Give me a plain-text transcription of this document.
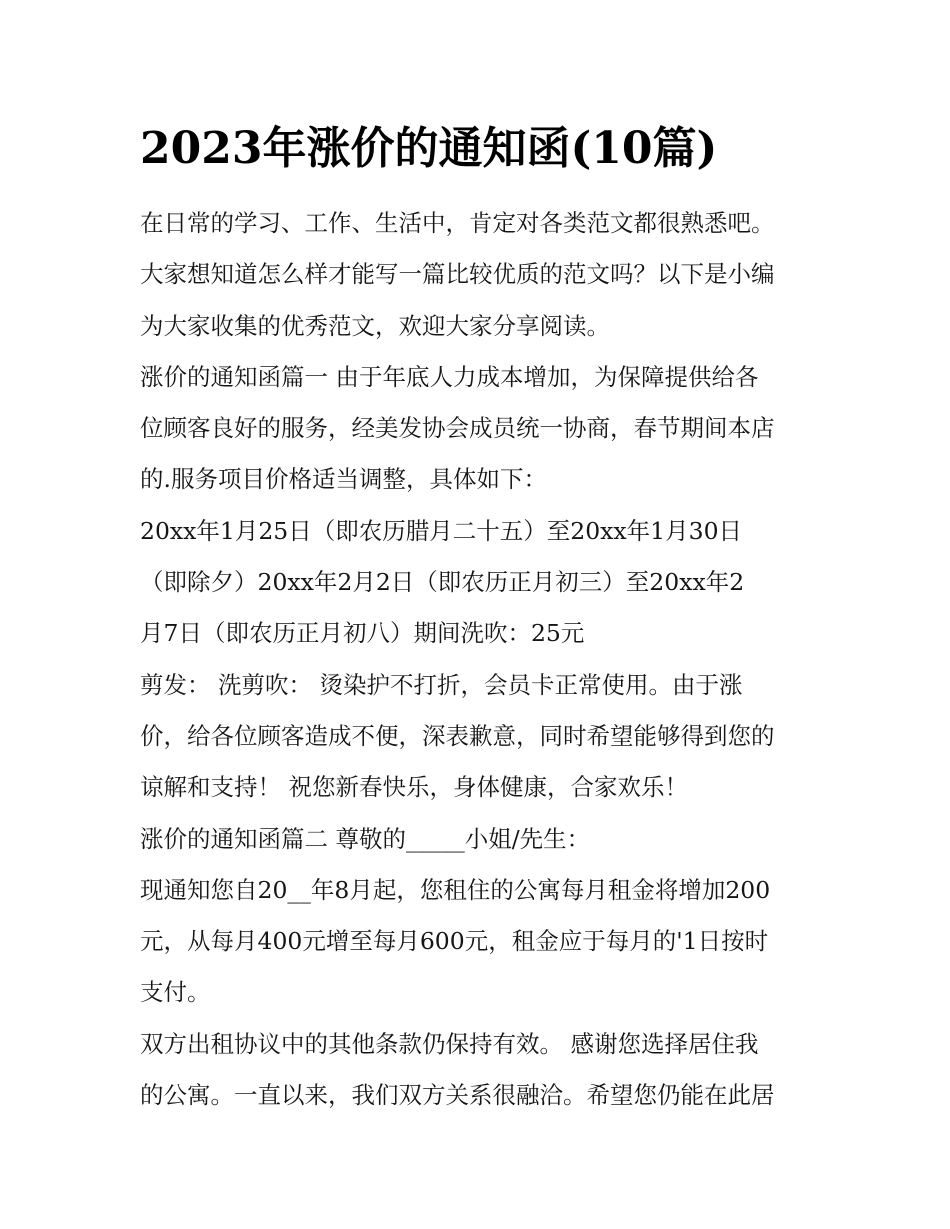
2023年涨价的通知函(10篇)
在日常的学习、工作、生活中，肯定对各类范文都很熟悉吧。
大家想知道怎么样才能写一篇比较优质的范文吗？以下是小编
为大家收集的优秀范文，欢迎大家分享阅读。
涨价的通知函篇一 由于年底人力成本增加，为保障提供给各
位顾客良好的服务，经美发协会成员统一协商，春节期间本店
的.服务项目价格适当调整，具体如下：
20xx年1月25日（即农历腊月二十五）至20xx年1月30日
（即除夕）20xx年2月2日（即农历正月初三）至20xx年2
月7日（即农历正月初八）期间洗吹：25元
剪发： 洗剪吹： 烫染护不打折，会员卡正常使用。由于涨
价，给各位顾客造成不便，深表歉意，同时希望能够得到您的
谅解和支持！ 祝您新春快乐，身体健康，合家欢乐！
涨价的通知函篇二 尊敬的_____小姐/先生：
现通知您自20__年8月起，您租住的公寓每月租金将增加200
元，从每月400元增至每月600元，租金应于每月的'1日按时
支付。
双方出租协议中的其他条款仍保持有效。 感谢您选择居住我
的公寓。一直以来，我们双方关系很融洽。希望您仍能在此居
